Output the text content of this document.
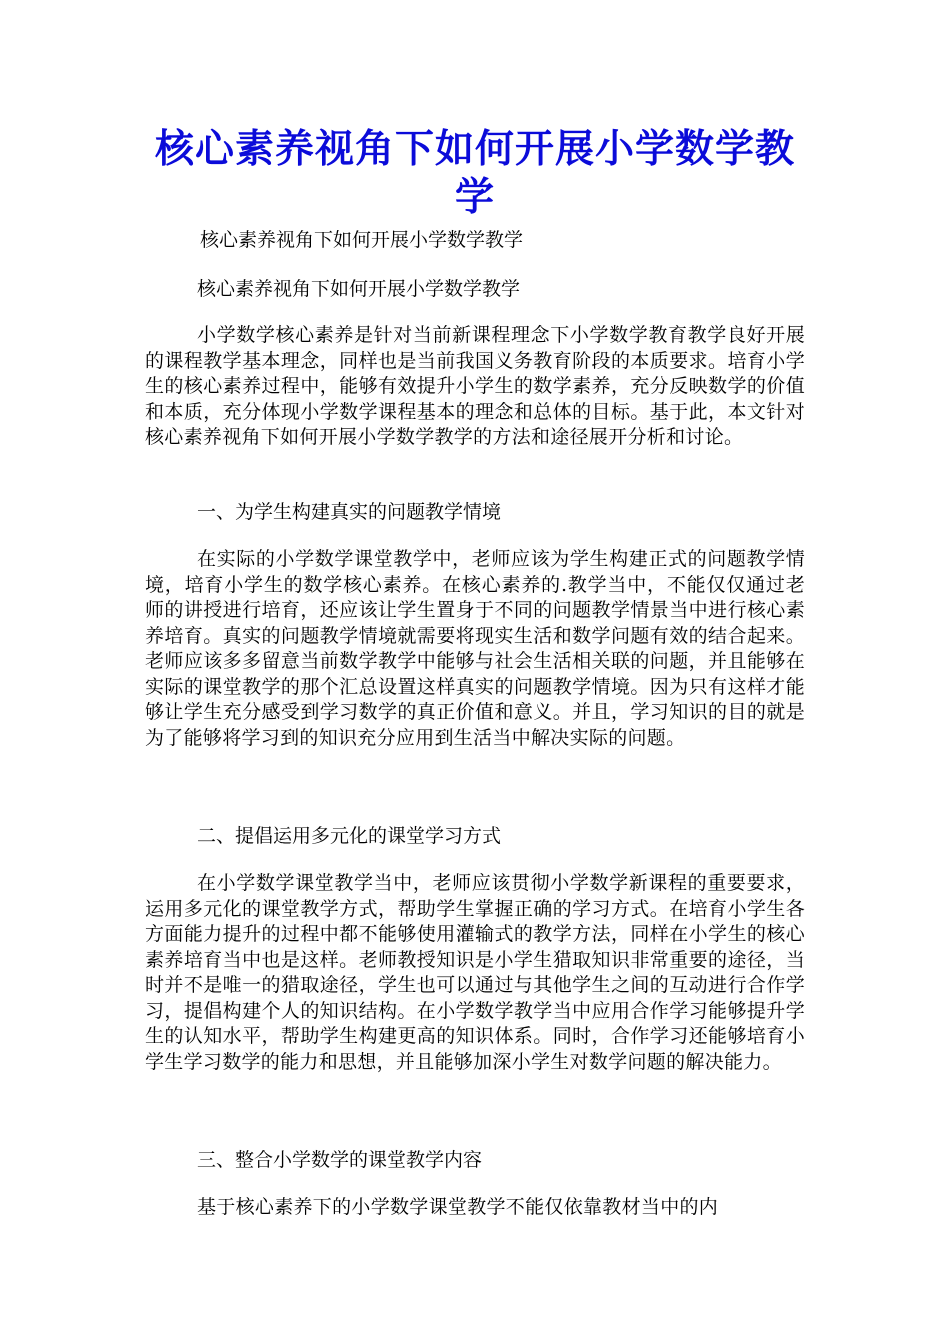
核心素养视角下如何开展小学数学教学
核心素养视角下如何开展小学数学教学
核心素养视角下如何开展小学数学教学
小学数学核心素养是针对当前新课程理念下小学数学教育教学良好开展的课程教学基本理念，同样也是当前我国义务教育阶段的本质要求。培育小学生的核心素养过程中，能够有效提升小学生的数学素养，充分反映数学的价值和本质，充分体现小学数学课程基本的理念和总体的目标。基于此，本文针对核心素养视角下如何开展小学数学教学的方法和途径展开分析和讨论。
一、为学生构建真实的问题教学情境
在实际的小学数学课堂教学中，老师应该为学生构建正式的问题教学情境，培育小学生的数学核心素养。在核心素养的.教学当中，不能仅仅通过老师的讲授进行培育，还应该让学生置身于不同的问题教学情景当中进行核心素养培育。真实的问题教学情境就需要将现实生活和数学问题有效的结合起来。老师应该多多留意当前数学教学中能够与社会生活相关联的问题，并且能够在实际的课堂教学的那个汇总设置这样真实的问题教学情境。因为只有这样才能够让学生充分感受到学习数学的真正价值和意义。并且，学习知识的目的就是为了能够将学习到的知识充分应用到生活当中解决实际的问题。
二、提倡运用多元化的课堂学习方式
在小学数学课堂教学当中，老师应该贯彻小学数学新课程的重要要求，运用多元化的课堂教学方式，帮助学生掌握正确的学习方式。在培育小学生各方面能力提升的过程中都不能够使用灌输式的教学方法，同样在小学生的核心素养培育当中也是这样。老师教授知识是小学生猎取知识非常重要的途径，当时并不是唯一的猎取途径，学生也可以通过与其他学生之间的互动进行合作学习，提倡构建个人的知识结构。在小学数学教学当中应用合作学习能够提升学生的认知水平，帮助学生构建更高的知识体系。同时，合作学习还能够培育小学生学习数学的能力和思想，并且能够加深小学生对数学问题的解决能力。
三、整合小学数学的课堂教学内容
基于核心素养下的小学数学课堂教学不能仅依靠教材当中的内
